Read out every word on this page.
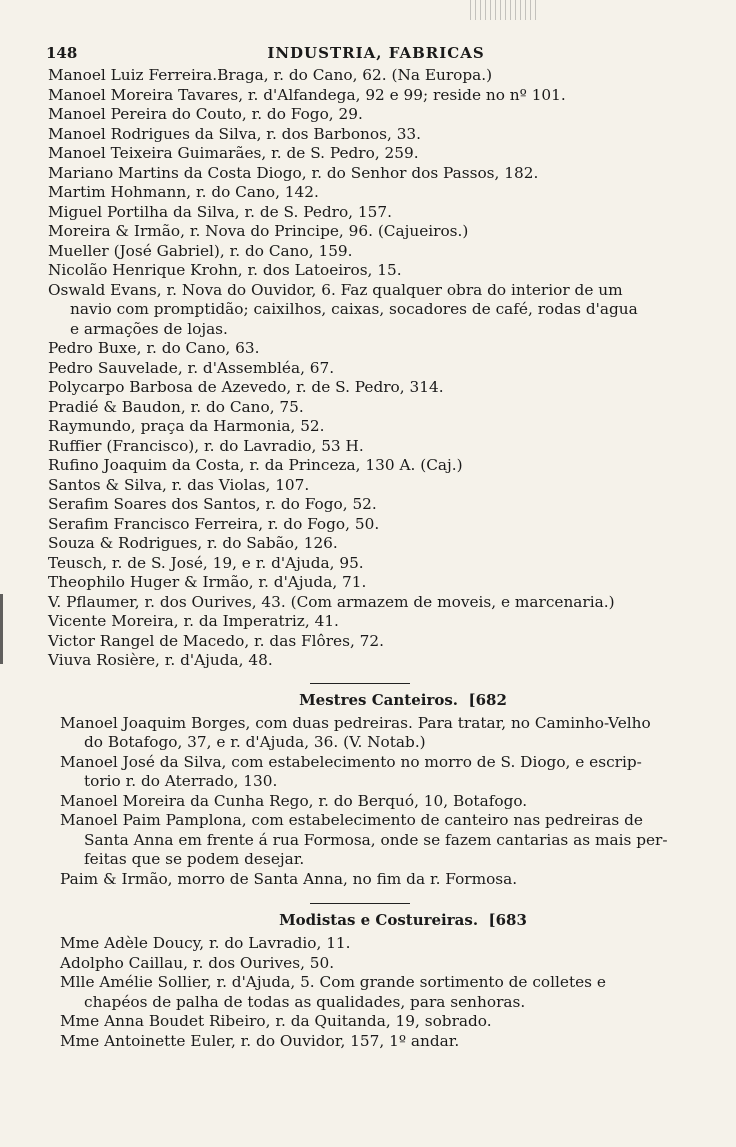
148	INDUSTRIA, FABRICAS
Manoel Luiz Ferreira.Braga, r. do Cano, 62. (Na Europa.)
Manoel Moreira Tavares, r. d'Alfandega, 92 e 99; reside no nº 101.
Manoel Pereira do Couto, r. do Fogo, 29.
Manoel Rodrigues da Silva, r. dos Barbonos, 33.
Manoel Teixeira Guimarães, r. de S. Pedro, 259.
Mariano Martins da Costa Diogo, r. do Senhor dos Passos, 182.
Martim Hohmann, r. do Cano, 142.
Miguel Portilha da Silva, r. de S. Pedro, 157.
Moreira & Irmão, r. Nova do Principe, 96. (Cajueiros.)
Mueller (José Gabriel), r. do Cano, 159.
Nicolão Henrique Krohn, r. dos Latoeiros, 15.
Oswald Evans, r. Nova do Ouvidor, 6. Faz qualquer obra do interior de um
navio com promptidão; caixilhos, caixas, socadores de café, rodas d'agua
e armações de lojas.
Pedro Buxe, r. do Cano, 63.
Pedro Sauvelade, r. d'Assembléa, 67.
Polycarpo Barbosa de Azevedo, r. de S. Pedro, 314.
Pradié & Baudon, r. do Cano, 75.
Raymundo, praça da Harmonia, 52.
Ruffier (Francisco), r. do Lavradio, 53 H.
Rufino Joaquim da Costa, r. da Princeza, 130 A. (Caj.)
Santos & Silva, r. das Violas, 107.
Serafim Soares dos Santos, r. do Fogo, 52.
Serafim Francisco Ferreira, r. do Fogo, 50.
Souza & Rodrigues, r. do Sabão, 126.
Teusch, r. de S. José, 19, e r. d'Ajuda, 95.
Theophilo Huger & Irmão, r. d'Ajuda, 71.
V. Pflaumer, r. dos Ourives, 43. (Com armazem de moveis, e marcenaria.)
Vicente Moreira, r. da Imperatriz, 41.
Victor Rangel de Macedo, r. das Flôres, 72.
Viuva Rosière, r. d'Ajuda, 48.
Mestres Canteiros. [682
Manoel Joaquim Borges, com duas pedreiras. Para tratar, no Caminho-Velho
do Botafogo, 37, e r. d'Ajuda, 36. (V. Notab.)
Manoel José da Silva, com estabelecimento no morro de S. Diogo, e escrip-
torio r. do Aterrado, 130.
Manoel Moreira da Cunha Rego, r. do Berquó, 10, Botafogo.
Manoel Paim Pamplona, com estabelecimento de canteiro nas pedreiras de
Santa Anna em frente á rua Formosa, onde se fazem cantarias as mais per-
feitas que se podem desejar.
Paim & Irmão, morro de Santa Anna, no fim da r. Formosa.
Modistas e Costureiras. [683
Mme Adèle Doucy, r. do Lavradio, 11.
Adolpho Caillau, r. dos Ourives, 50.
Mlle Amélie Sollier, r. d'Ajuda, 5. Com grande sortimento de colletes e
chapéos de palha de todas as qualidades, para senhoras.
Mme Anna Boudet Ribeiro, r. da Quitanda, 19, sobrado.
Mme Antoinette Euler, r. do Ouvidor, 157, 1º andar.
